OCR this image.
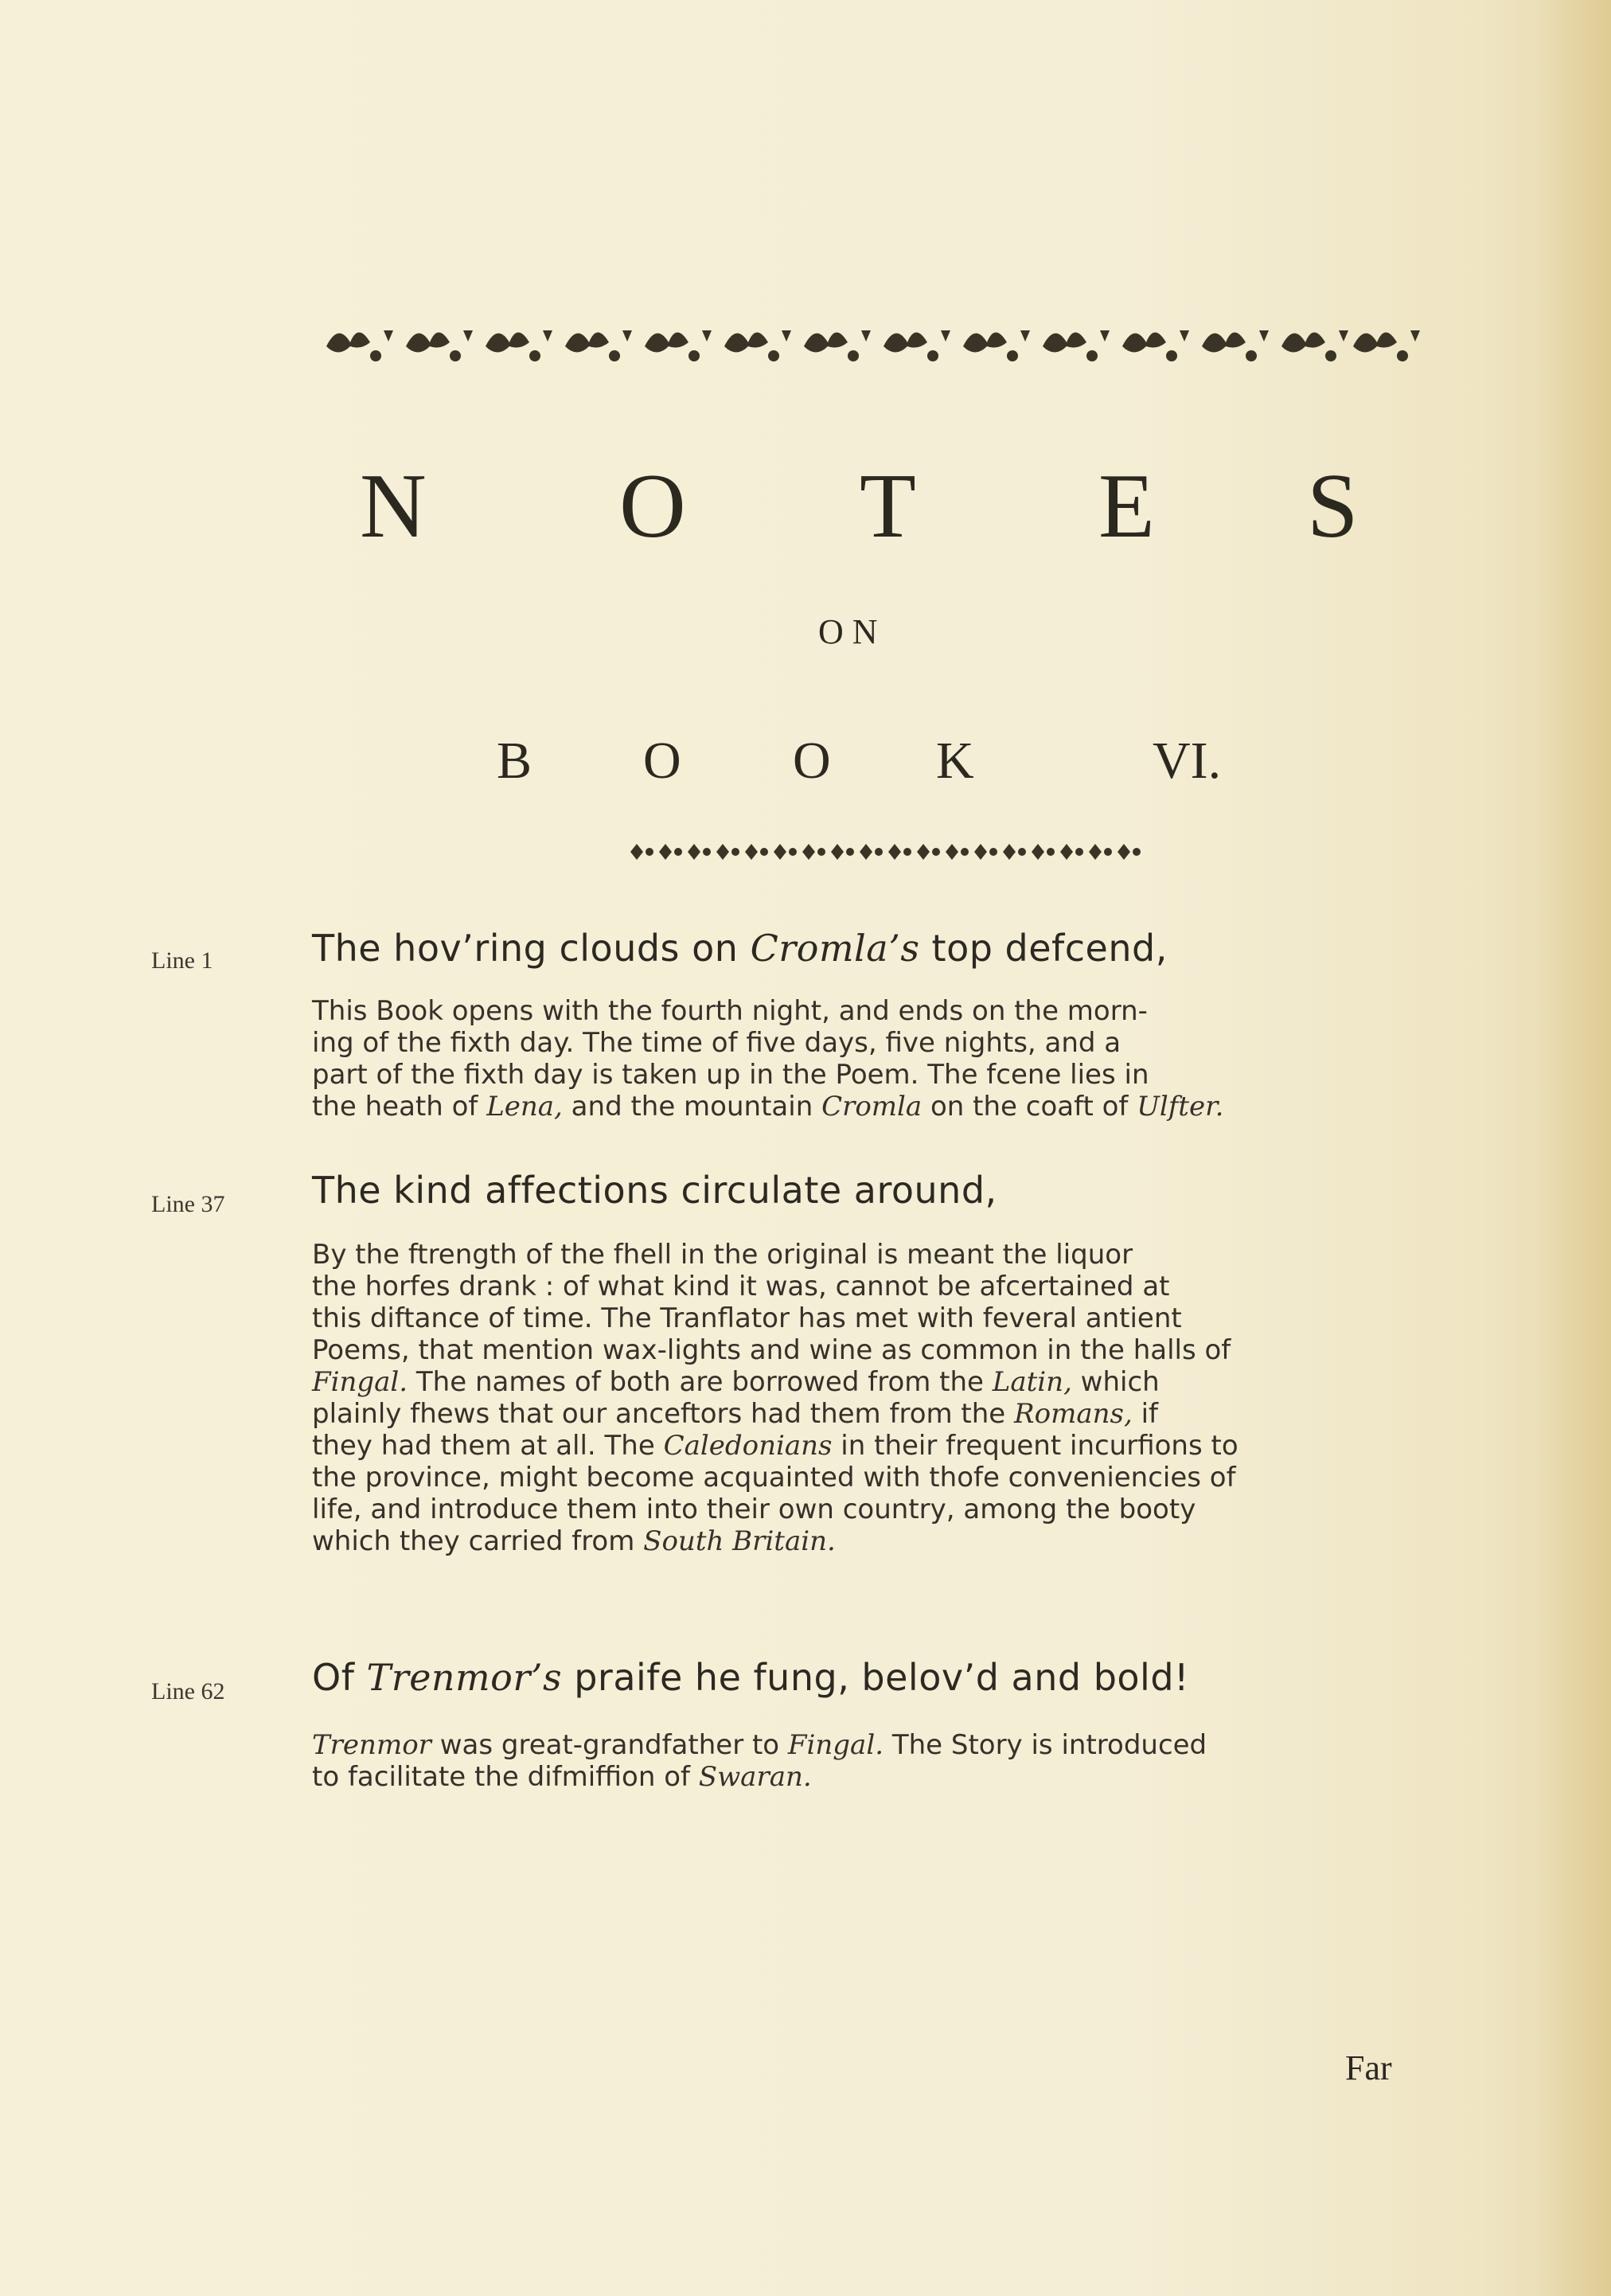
N O T E S
O N
B O O K	VI.
Line 1	The hov’ring clouds on Cromla’s top defcend,
This Book opens with the fourth night, and ends on the morn-
ing of the fixth day. The time of five days, five nights, and a
part of the fixth day is taken up in the Poem. The fcene lies in
the heath of Lena, and the mountain Cromla on the coaft of Ulfter.
Line 37 The kind affections circulate around,
By the ftrength of the fhell in the original is meant the liquor
the horfes drank : of what kind it was, cannot be afcertained at
this diftance of time. The Tranflator has met with feveral antient
Poems, that mention wax-lights and wine as common in the halls of
Fingal. The names of both are borrowed from the Latin, which
plainly fhews that our anceftors had them from the Romans, if
they had them at all. The Caledonians in their frequent incurfions to
the province, might become acquainted with thofe conveniencies of
life, and introduce them into their own country, among the booty
which they carried from South Britain.
Line 62 Of Trenmor’s praife he fung, belov’d and bold!
Trenmor was great-grandfather to Fingal. The Story is introduced
to facilitate the difmiffion of Swaran.
Far
